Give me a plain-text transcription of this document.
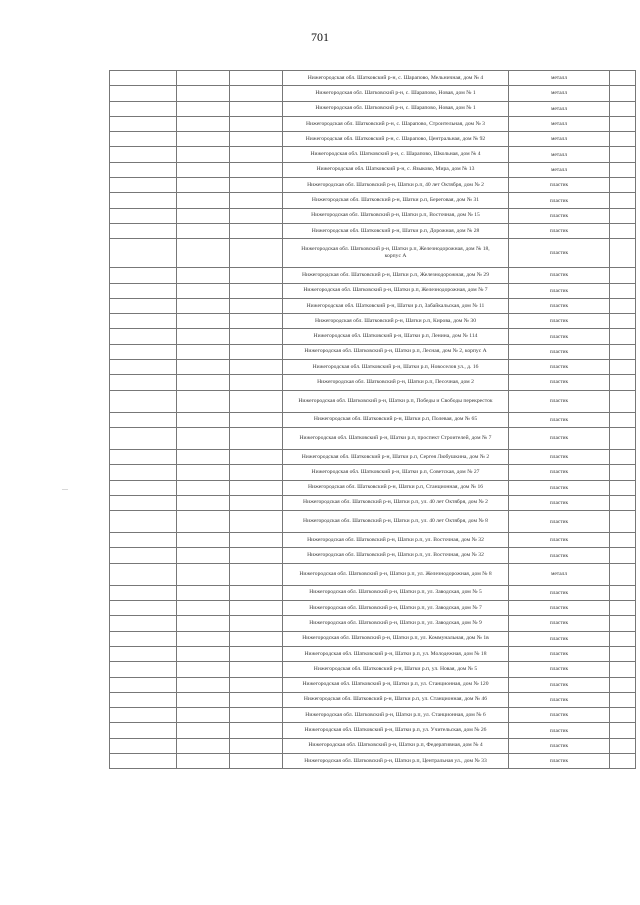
701
—
			Нижегородская обл. Шатковский р-н, с. Шарапово, Мельничная, дом № 4	металл	
			Нижегородская обл. Шатковский р-н, с. Шарапово, Новая, дом № 1	металл	
			Нижегородская обл. Шатковский р-н, с. Шарапово, Новая, дом № 1	металл	
			Нижегородская обл. Шатковский р-н, с. Шарапово, Строительная, дом № 3	металл	
			Нижегородская обл. Шатковский р-н, с. Шарапово, Центральная, дом № 92	металл	
			Нижегородская обл. Шатковский р-н, с. Шарапово, Школьная, дом № 4	металл	
			Нижегородская обл. Шатковский р-н, с. Языково, Мира, дом № 13	металл	
			Нижегородская обл. Шатковский р-н, Шатки р.п, 40 лет Октября, дом № 2	пластик	
			Нижегородская обл. Шатковский р-н, Шатки р.п, Береговая, дом № 31	пластик	
			Нижегородская обл. Шатковский р-н, Шатки р.п, Восточная, дом № 15	пластик	
			Нижегородская обл. Шатковский р-н, Шатки р.п, Дорожная, дом № 28	пластик	
			Нижегородская обл. Шатковский р-н, Шатки р.п, Железнодорожная, дом № 18, корпус А	пластик	
			Нижегородская обл. Шатковский р-н, Шатки р.п, Железнодорожная, дом № 29	пластик	
			Нижегородская обл. Шатковский р-н, Шатки р.п, Железнодорожная, дом № 7	пластик	
			Нижегородская обл. Шатковский р-н, Шатки р.п, Забайкальская, дом № 11	пластик	
			Нижегородская обл. Шатковский р-н, Шатки р.п, Кирова, дом № 30	пластик	
			Нижегородская обл. Шатковский р-н, Шатки р.п, Ленина, дом № 114	пластик	
			Нижегородская обл. Шатковский р-н, Шатки р.п, Лесная, дом № 2, корпус А	пластик	
			Нижегородская обл. Шатковский р-н, Шатки р.п, Новоселов ул., д. 16	пластик	
			Нижегородская обл. Шатковский р-н, Шатки р.п, Песочная, дом 2	пластик	
			Нижегородская обл. Шатковский р-н, Шатки р.п, Победы и Свободы перекресток	пластик	
			Нижегородская обл. Шатковский р-н, Шатки р.п, Полевая, дом № 65	пластик	
			Нижегородская обл. Шатковский р-н, Шатки р.п, проспект Строителей, дом № 7	пластик	
			Нижегородская обл. Шатковский р-н, Шатки р.п, Сергея Любушкина, дом № 2	пластик	
			Нижегородская обл. Шатковский р-н, Шатки р.п, Советская, дом № 27	пластик	
			Нижегородская обл. Шатковский р-н, Шатки р.п, Станционная, дом № 16	пластик	
			Нижегородская обл. Шатковский р-н, Шатки р.п, ул. 40 лет Октября, дом № 2	пластик	
			Нижегородская обл. Шатковский р-н, Шатки р.п, ул. 40 лет Октября, дом № 8	пластик	
			Нижегородская обл. Шатковский р-н, Шатки р.п, ул. Восточная, дом № 32	пластик	
			Нижегородская обл. Шатковский р-н, Шатки р.п, ул. Восточная, дом № 32	пластик	
			Нижегородская обл. Шатковский р-н, Шатки р.п, ул. Железнодорожная, дом № 8	металл	
			Нижегородская обл. Шатковский р-н, Шатки р.п, ул. Заводская, дом № 5	пластик	
			Нижегородская обл. Шатковский р-н, Шатки р.п, ул. Заводская, дом № 7	пластик	
			Нижегородская обл. Шатковский р-н, Шатки р.п, ул. Заводская, дом № 9	пластик	
			Нижегородская обл. Шатковский р-н, Шатки р.п, ул. Коммунальная, дом № 1в	пластик	
			Нижегородская обл. Шатковский р-н, Шатки р.п, ул. Молодежная, дом № 18	пластик	
			Нижегородская обл. Шатковский р-н, Шатки р.п, ул. Новая, дом № 5	пластик	
			Нижегородская обл. Шатковский р-н, Шатки р.п, ул. Станционная, дом № 120	пластик	
			Нижегородская обл. Шатковский р-н, Шатки р.п, ул. Станционная, дом № 46	пластик	
			Нижегородская обл. Шатковский р-н, Шатки р.п, ул. Станционная, дом № 6	пластик	
			Нижегородская обл. Шатковский р-н, Шатки р.п, ул. Учительская, дом № 26	пластик	
			Нижегородская обл. Шатковский р-н, Шатки р.п, Федеративная, дом № 4	пластик	
			Нижегородская обл. Шатковский р-н, Шатки р.п, Центральная ул., дом № 33	пластик	
